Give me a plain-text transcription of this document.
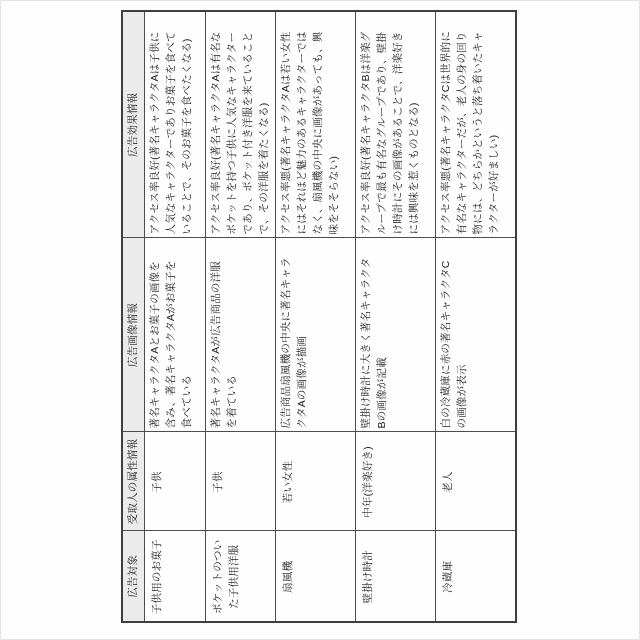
広告対象	受取人の属性情報	広告画像情報	広告効果情報
子供用のお菓子	子供	著名キャラクタAとお菓子の画像を
含み、著名キャラクタAがお菓子を
食べている	アクセス率良好(著名キャラクタAは子供に
人気なキャラクターでありお菓子を食べて
いることで、そのお菓子を食べたくなる)
ポケットのつい
た子供用洋服	子供	著名キャラクタAが広告商品の洋服
を着ている	アクセス率良好(著名キャラクタAは有名な
ポケットを持つ子供に人気なキャラクター
であり、ポケット付き洋服を来ていること
で、その洋服を着たくなる)
扇風機	若い女性	広告商品扇風機の中央に著名キャラ
クタAの画像が描画	アクセス率悪(著名キャラクタAは若い女性
にはそれほど魅力のあるキャラクターでは
なく、扇風機の中央に画像があっても、興
味をそそらない)
壁掛け時計	中年(洋楽好き)	壁掛け時計に大きく著名キャラクタ
Bの画像が記載	アクセス率良好(著名キャラクタBは洋楽グ
ループで最も有名なグループであり、壁掛
け時計にその画像があることで、洋楽好き
には興味を惹くものとなる)
冷蔵庫	老人	白の冷蔵庫に赤の著名キャラクタC
の画像が表示	アクセス率悪(著名キャラクタCは世界的に
有名なキャラクターだが、老人の身の回り
物には、どちらかというと落ち着いたキャ
ラクターが好ましい)
